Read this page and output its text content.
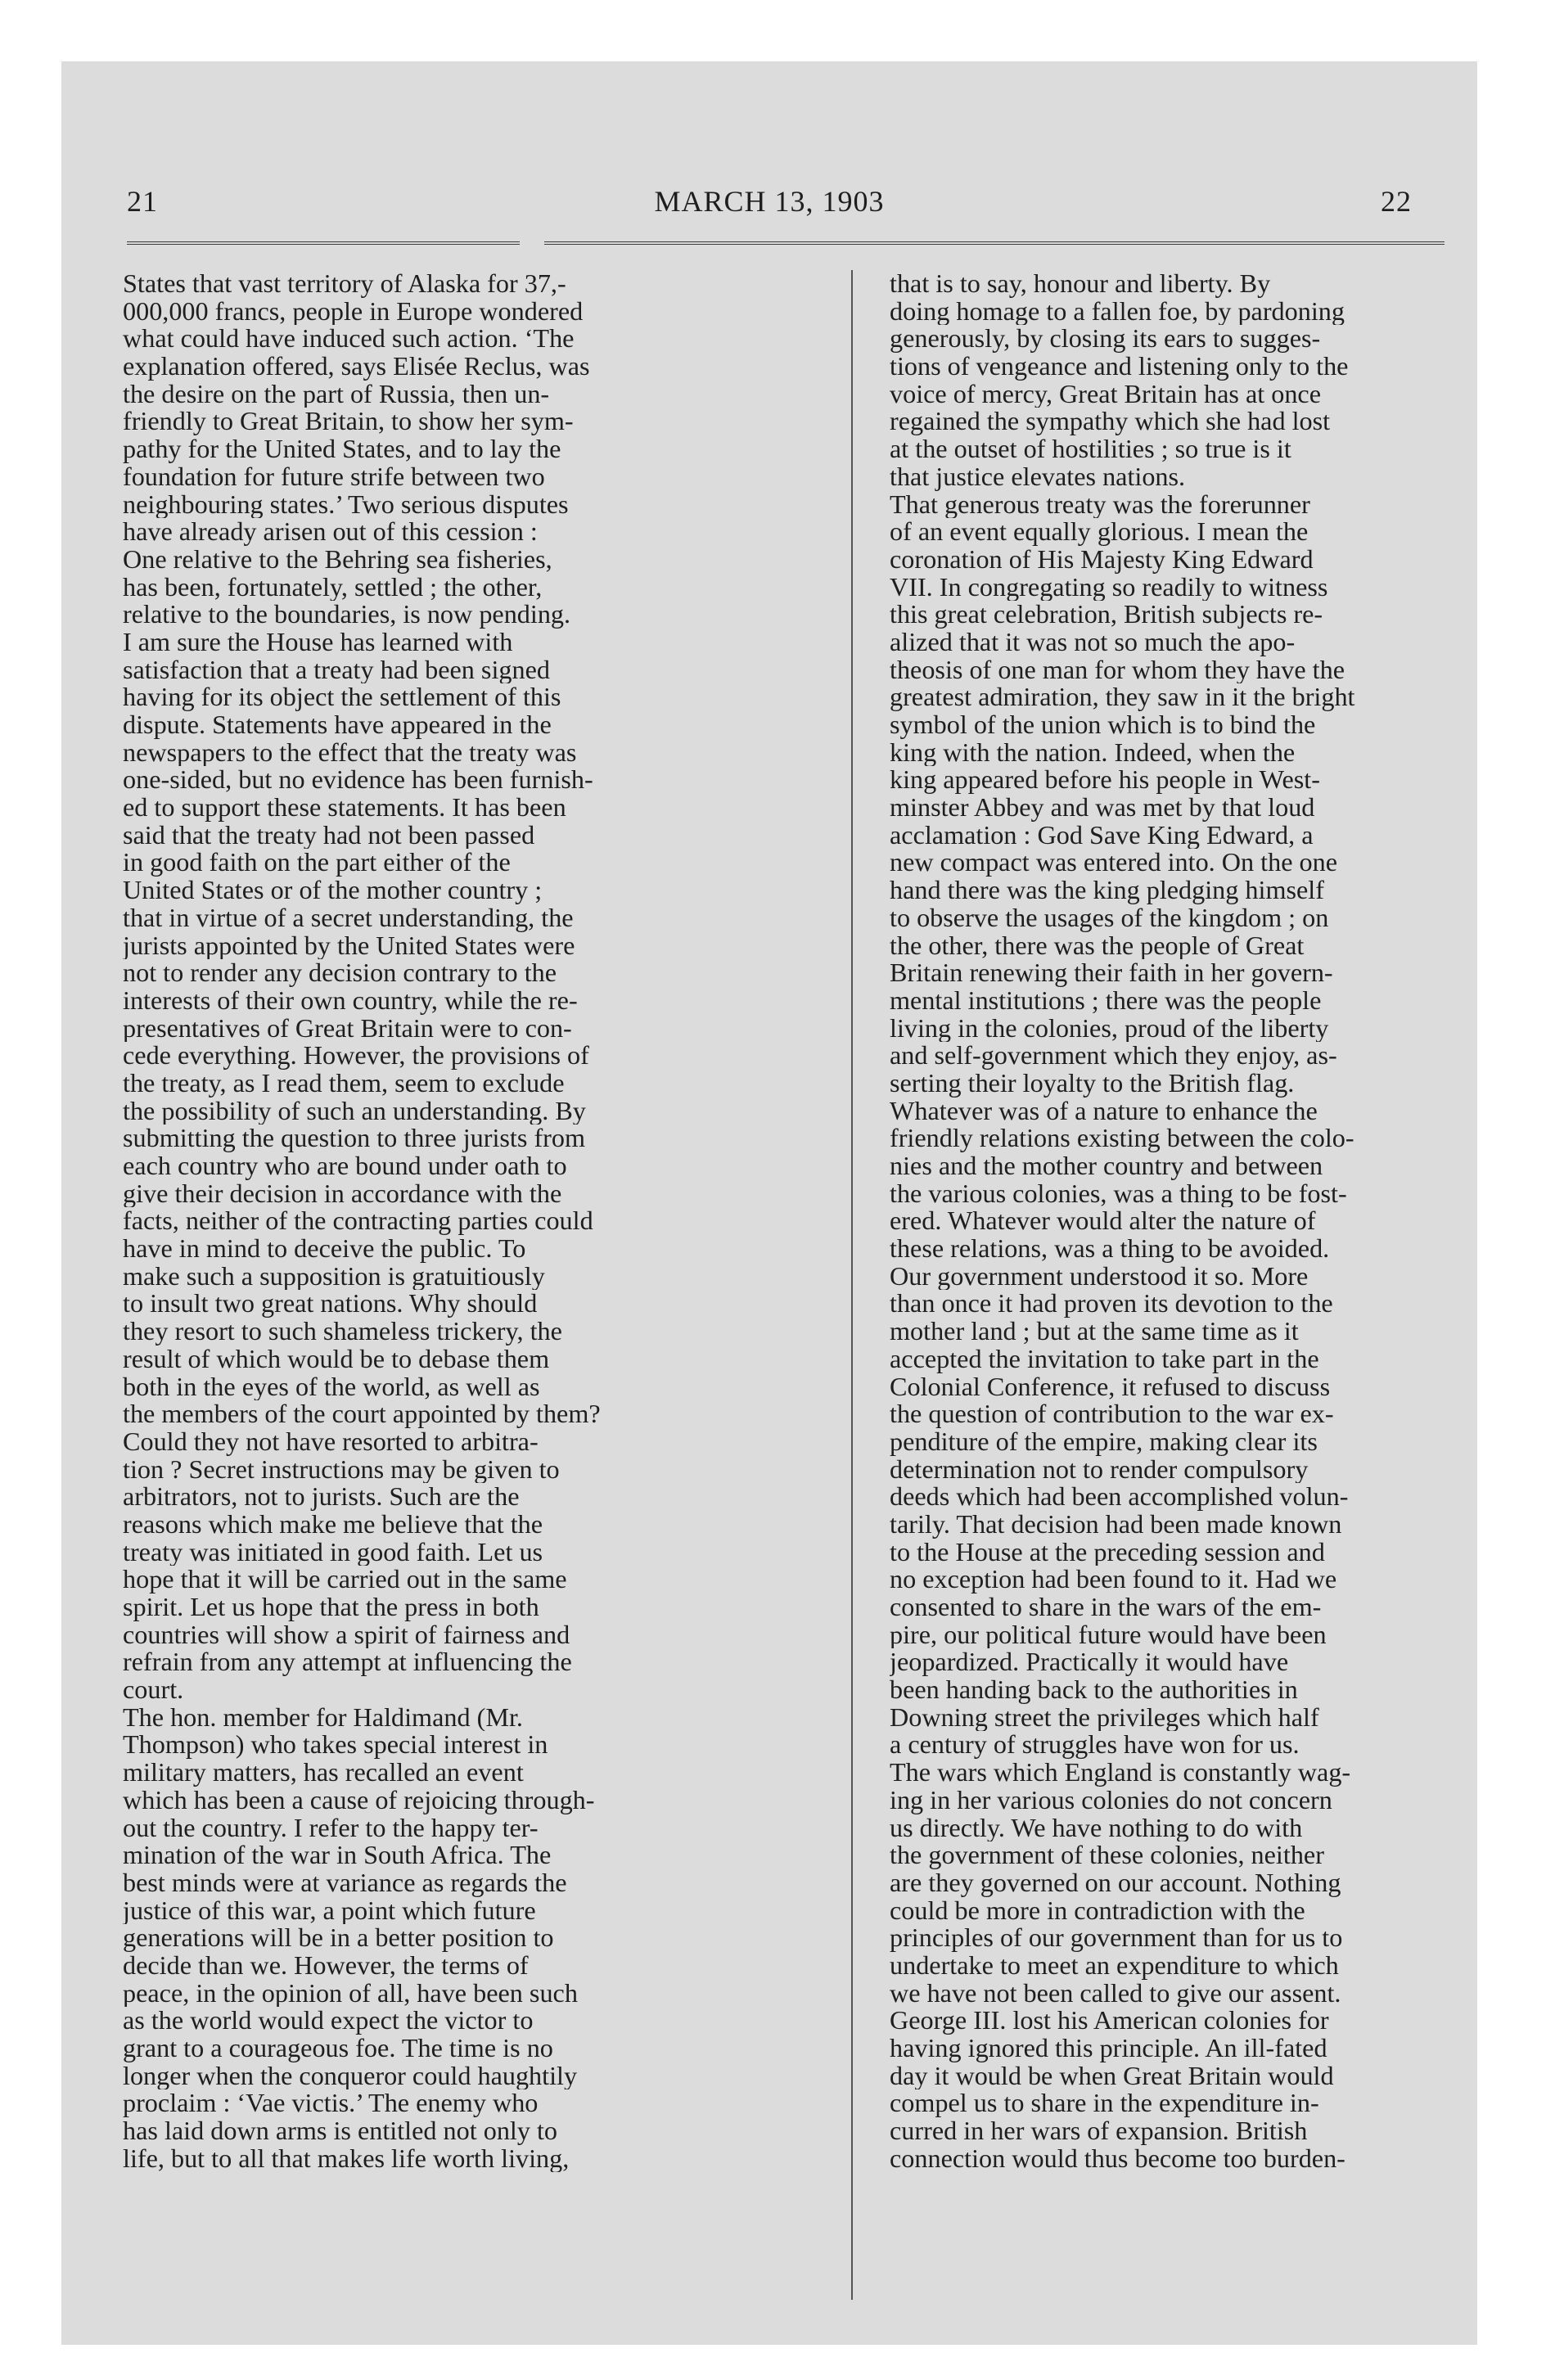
21	MARCH 13, 1903	22
States that vast territory of Alaska for 37,-
000,000 francs, people in Europe wondered
what could have induced such action. ‘The
explanation offered, says Elisée Reclus, was
the desire on the part of Russia, then un-
friendly to Great Britain, to show her sym-
pathy for the United States, and to lay the
foundation for future strife between two
neighbouring states.’ Two serious disputes
have already arisen out of this cession :
One relative to the Behring sea fisheries,
has been, fortunately, settled ; the other,
relative to the boundaries, is now pending.
I am sure the House has learned with
satisfaction that a treaty had been signed
having for its object the settlement of this
dispute. Statements have appeared in the
newspapers to the effect that the treaty was
one-sided, but no evidence has been furnish-
ed to support these statements. It has been
said that the treaty had not been passed
in good faith on the part either of the
United States or of the mother country ;
that in virtue of a secret understanding, the
jurists appointed by the United States were
not to render any decision contrary to the
interests of their own country, while the re-
presentatives of Great Britain were to con-
cede everything. However, the provisions of
the treaty, as I read them, seem to exclude
the possibility of such an understanding. By
submitting the question to three jurists from
each country who are bound under oath to
give their decision in accordance with the
facts, neither of the contracting parties could
have in mind to deceive the public. To
make such a supposition is gratuitiously
to insult two great nations. Why should
they resort to such shameless trickery, the
result of which would be to debase them
both in the eyes of the world, as well as
the members of the court appointed by them?
Could they not have resorted to arbitra-
tion ? Secret instructions may be given to
arbitrators, not to jurists. Such are the
reasons which make me believe that the
treaty was initiated in good faith. Let us
hope that it will be carried out in the same
spirit. Let us hope that the press in both
countries will show a spirit of fairness and
refrain from any attempt at influencing the
court.
The hon. member for Haldimand (Mr.
Thompson) who takes special interest in
military matters, has recalled an event
which has been a cause of rejoicing through-
out the country. I refer to the happy ter-
mination of the war in South Africa. The
best minds were at variance as regards the
justice of this war, a point which future
generations will be in a better position to
decide than we. However, the terms of
peace, in the opinion of all, have been such
as the world would expect the victor to
grant to a courageous foe. The time is no
longer when the conqueror could haughtily
proclaim : ‘Vae victis.’ The enemy who
has laid down arms is entitled not only to
life, but to all that makes life worth living,
that is to say, honour and liberty. By
doing homage to a fallen foe, by pardoning
generously, by closing its ears to sugges-
tions of vengeance and listening only to the
voice of mercy, Great Britain has at once
regained the sympathy which she had lost
at the outset of hostilities ; so true is it
that justice elevates nations.
That generous treaty was the forerunner
of an event equally glorious. I mean the
coronation of His Majesty King Edward
VII. In congregating so readily to witness
this great celebration, British subjects re-
alized that it was not so much the apo-
theosis of one man for whom they have the
greatest admiration, they saw in it the bright
symbol of the union which is to bind the
king with the nation. Indeed, when the
king appeared before his people in West-
minster Abbey and was met by that loud
acclamation : God Save King Edward, a
new compact was entered into. On the one
hand there was the king pledging himself
to observe the usages of the kingdom ; on
the other, there was the people of Great
Britain renewing their faith in her govern-
mental institutions ; there was the people
living in the colonies, proud of the liberty
and self-government which they enjoy, as-
serting their loyalty to the British flag.
Whatever was of a nature to enhance the
friendly relations existing between the colo-
nies and the mother country and between
the various colonies, was a thing to be fost-
ered. Whatever would alter the nature of
these relations, was a thing to be avoided.
Our government understood it so. More
than once it had proven its devotion to the
mother land ; but at the same time as it
accepted the invitation to take part in the
Colonial Conference, it refused to discuss
the question of contribution to the war ex-
penditure of the empire, making clear its
determination not to render compulsory
deeds which had been accomplished volun-
tarily. That decision had been made known
to the House at the preceding session and
no exception had been found to it. Had we
consented to share in the wars of the em-
pire, our political future would have been
jeopardized. Practically it would have
been handing back to the authorities in
Downing street the privileges which half
a century of struggles have won for us.
The wars which England is constantly wag-
ing in her various colonies do not concern
us directly. We have nothing to do with
the government of these colonies, neither
are they governed on our account. Nothing
could be more in contradiction with the
principles of our government than for us to
undertake to meet an expenditure to which
we have not been called to give our assent.
George III. lost his American colonies for
having ignored this principle. An ill-fated
day it would be when Great Britain would
compel us to share in the expenditure in-
curred in her wars of expansion. British
connection would thus become too burden-
